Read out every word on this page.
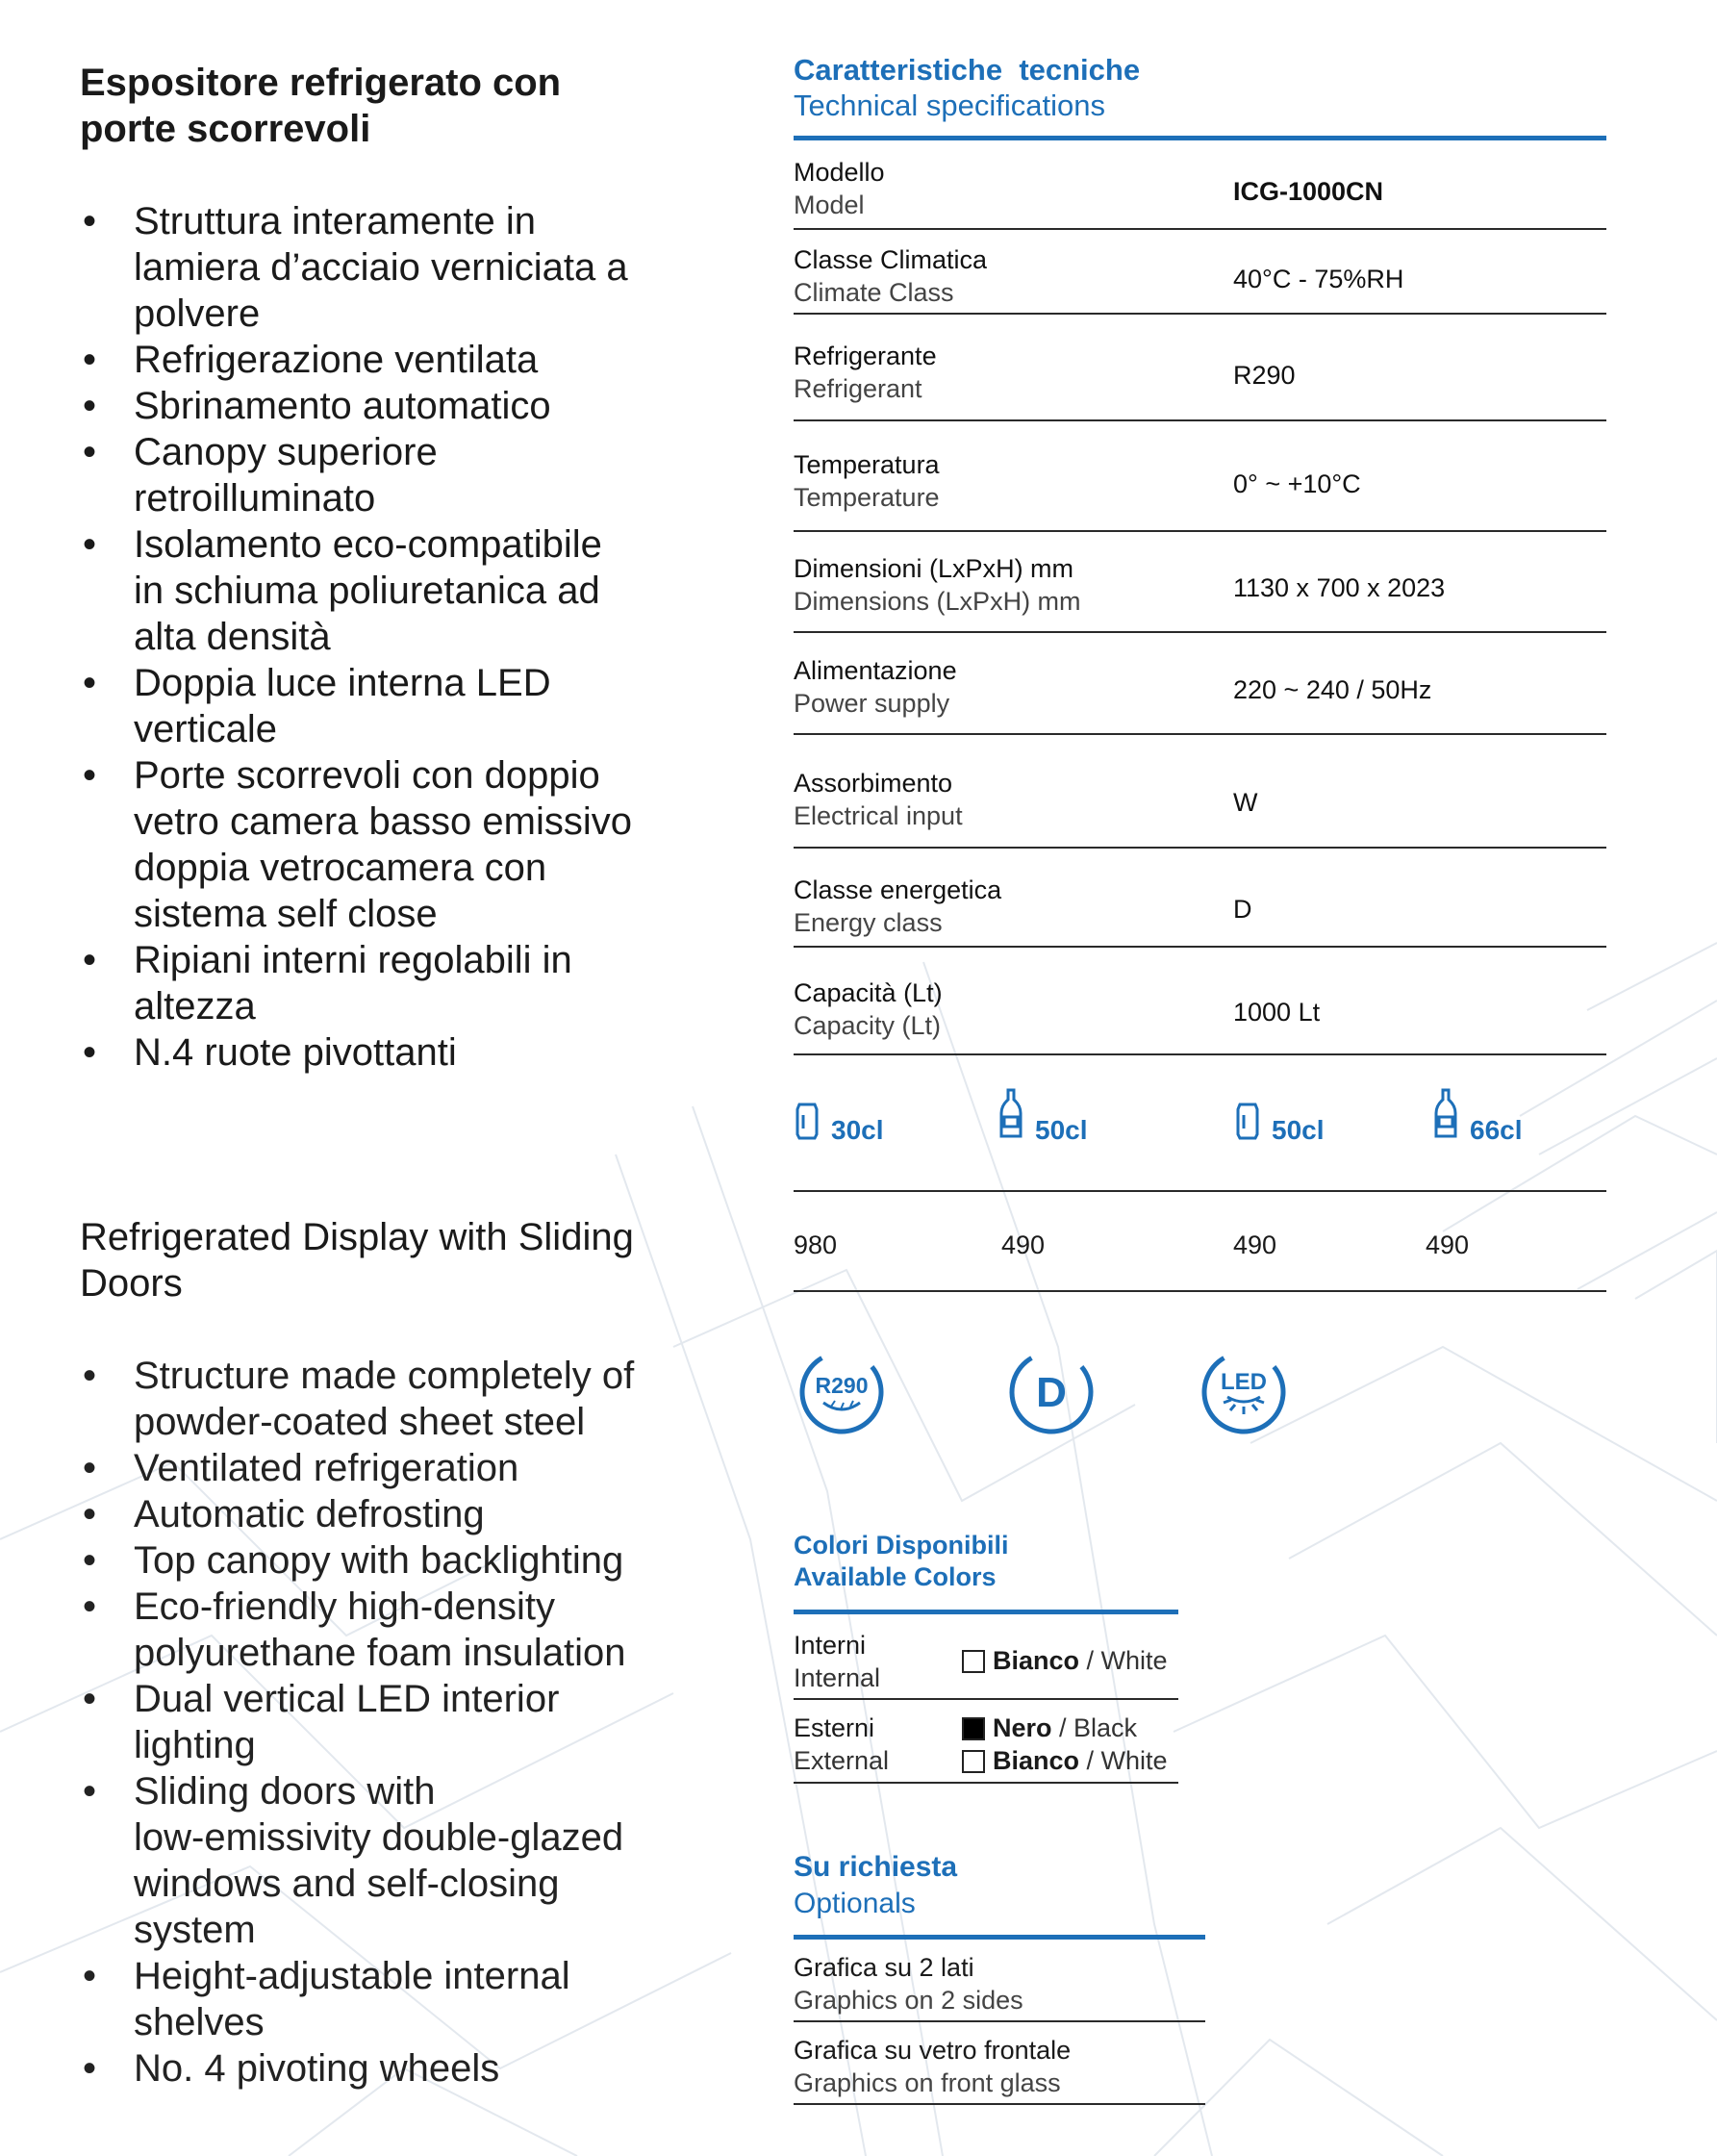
Espositore refrigerato con

porte scorrevoli

• Struttura interamente in
lamiera d’acciaio verniciata a
polvere
• Refrigerazione ventilata
• Sbrinamento automatico
• Canopy superiore
retroilluminato
• Isolamento eco-compatibile
in schiuma poliuretanica ad
alta densità
• Doppia luce interna LED
verticale
• Porte scorrevoli con doppio
vetro camera basso emissivo
doppia vetrocamera con
sistema self close
• Ripiani interni regolabili in
altezza
• N.4 ruote pivottanti

Refrigerated Display with Sliding

Doors

• Structure made completely of
powder-coated sheet steel
• Ventilated refrigeration
• Automatic defrosting
• Top canopy with backlighting
• Eco-friendly high-density
polyurethane foam insulation
• Dual vertical LED interior
lighting
• Sliding doors with
low-emissivity double-glazed
windows and self-closing
system
• Height-adjustable internal
shelves
• No. 4 pivoting wheels
Caratteristiche  tecniche
Technical specifications
Modello
Model	ICG-1000CN
Classe Climatica
Climate Class	40°C - 75%RH
Refrigerante
Refrigerant	R290
Temperatura
Temperature	0° ~ +10°C
Dimensioni (LxPxH) mm
Dimensions (LxPxH) mm	1130 x 700 x 2023
Alimentazione
Power supply	220 ~ 240 / 50Hz
Assorbimento
Electrical input	W
Classe energetica
Energy class	D
Capacità (Lt)
Capacity (Lt)	1000 Lt
30cl	50cl	50cl	66cl
980	490	490	490
R290	D	LED
Colori Disponibili
Available Colors
Interni
Internal
Bianco / White
Esterni
External
Nero / Black
Bianco / White
Su richiesta
Optionals
Grafica su 2 lati
Graphics on 2 sides
Grafica su vetro frontale
Graphics on front glass
